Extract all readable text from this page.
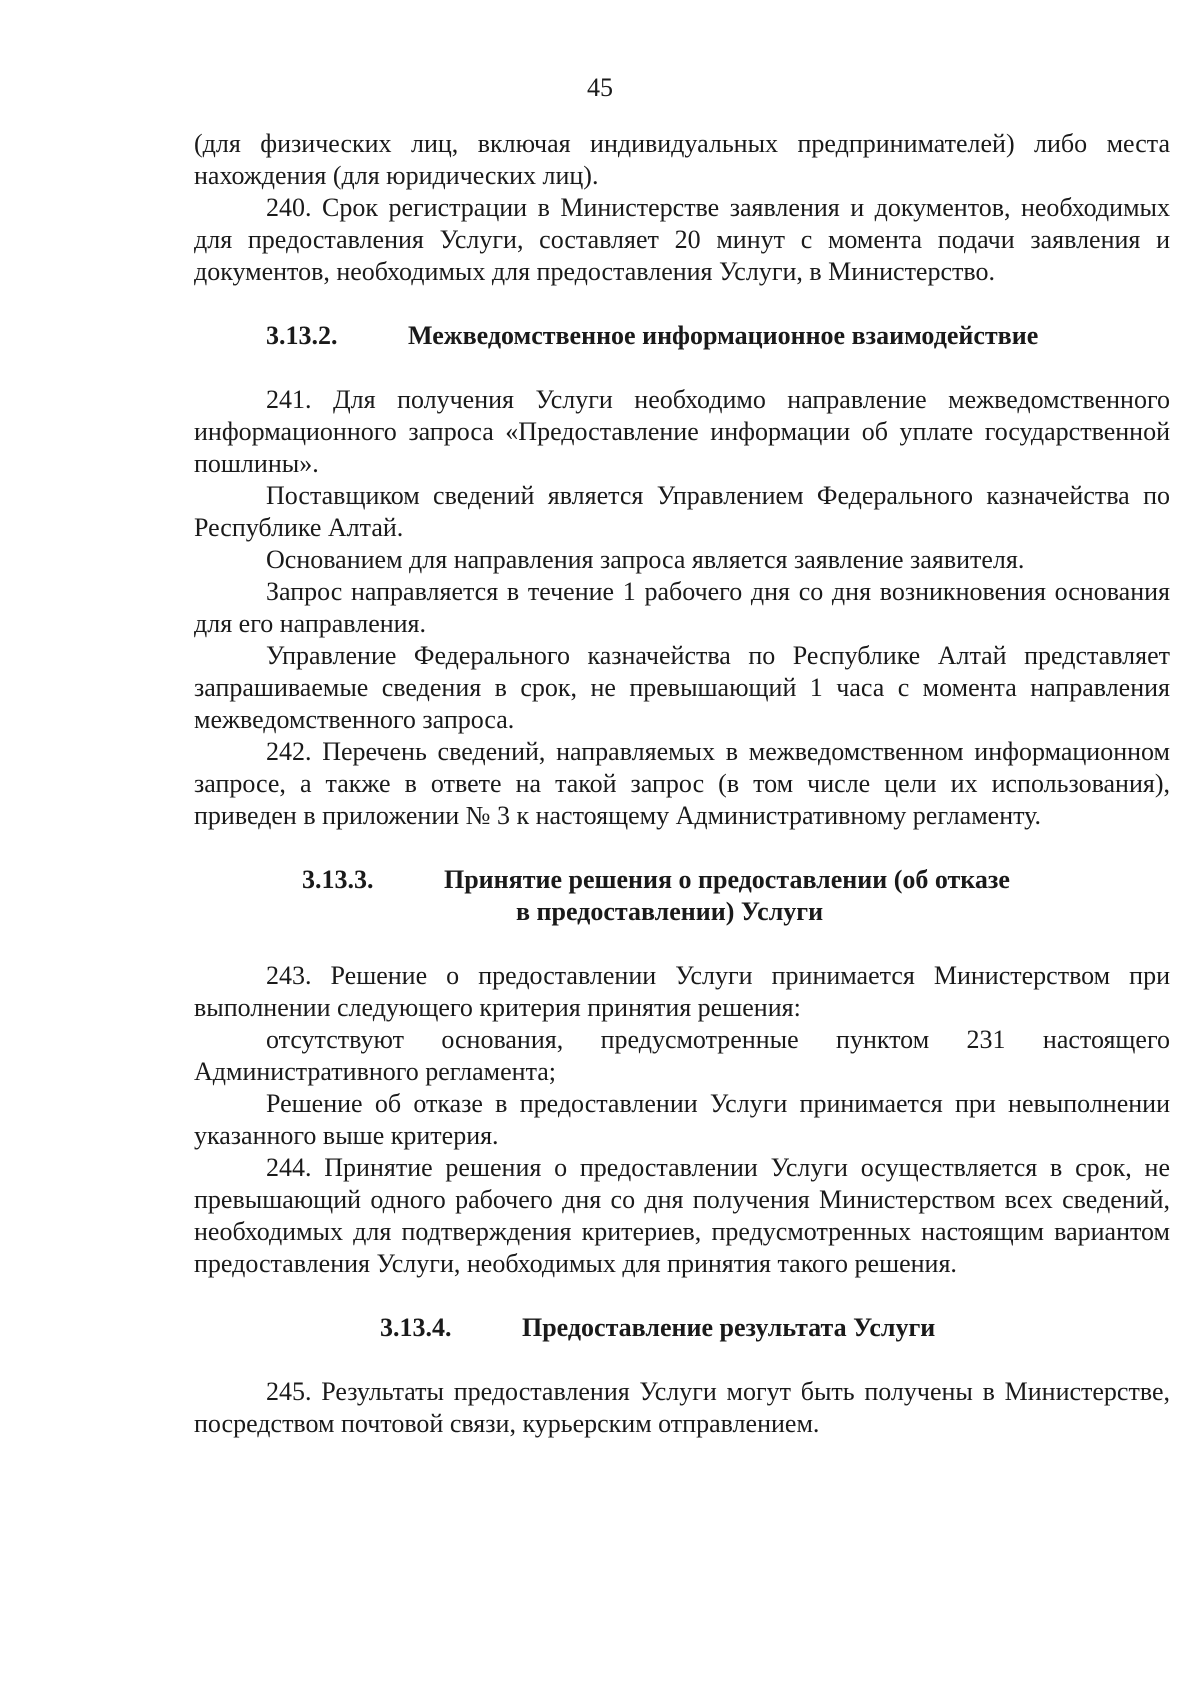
45

(для физических лиц, включая индивидуальных предпринимателей) либо места нахождения (для юридических лиц).

240. Срок регистрации в Министерстве заявления и документов, необходимых для предоставления Услуги, составляет 20 минут с момента подачи заявления и документов, необходимых для предоставления Услуги, в Министерство.

3.13.2.	Межведомственное информационное взаимодействие

241. Для получения Услуги необходимо направление межведомственного информационного запроса «Предоставление информации об уплате государственной пошлины».

Поставщиком сведений является Управлением Федерального казначейства по Республике Алтай.

Основанием для направления запроса является заявление заявителя.

Запрос направляется в течение 1 рабочего дня со дня возникновения основания для его направления.

Управление Федерального казначейства по Республике Алтай представляет запрашиваемые сведения в срок, не превышающий 1 часа с момента направления межведомственного запроса.

242. Перечень сведений, направляемых в межведомственном информационном запросе, а также в ответе на такой запрос (в том числе цели их использования), приведен в приложении № 3 к настоящему Административному регламенту.

3.13.3.	Принятие решения о предоставлении (об отказе
в предоставлении) Услуги

243. Решение о предоставлении Услуги принимается Министерством при выполнении следующего критерия принятия решения:

отсутствуют основания, предусмотренные пунктом 231 настоящего Административного регламента;

Решение об отказе в предоставлении Услуги принимается при невыполнении указанного выше критерия.

244. Принятие решения о предоставлении Услуги осуществляется в срок, не превышающий одного рабочего дня со дня получения Министерством всех сведений, необходимых для подтверждения критериев, предусмотренных настоящим вариантом предоставления Услуги, необходимых для принятия такого решения.

3.13.4.	Предоставление результата Услуги

245. Результаты предоставления Услуги могут быть получены в Министерстве, посредством почтовой связи, курьерским отправлением.
